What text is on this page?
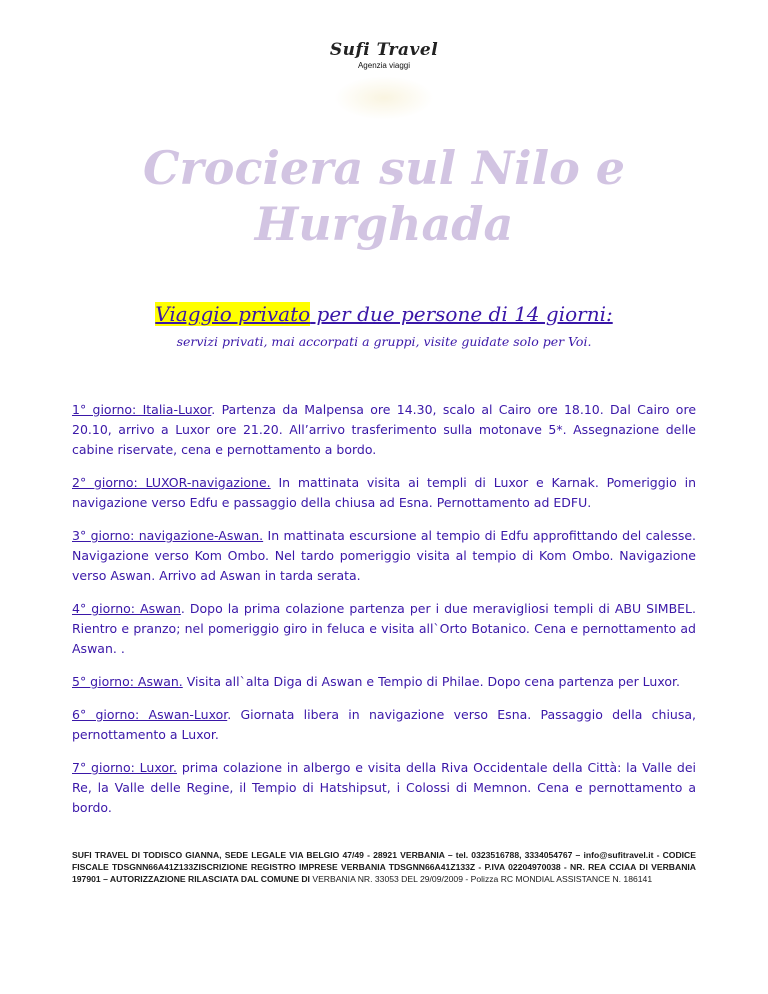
Sufi Travel
Agenzia viaggi
Crociera sul Nilo e
Hurghada
Viaggio privato per due persone di 14 giorni:
servizi privati, mai accorpati a gruppi, visite guidate solo per Voi.

1° giorno: Italia-Luxor. Partenza da Malpensa ore 14.30, scalo al Cairo ore 18.10. Dal Cairo ore 20.10, arrivo a Luxor ore 21.20. All’arrivo trasferimento sulla motonave 5*. Assegnazione delle cabine riservate, cena e pernottamento a bordo.

2° giorno: LUXOR-navigazione. In mattinata visita ai templi di Luxor e Karnak. Pomeriggio in navigazione verso Edfu e passaggio della chiusa ad Esna. Pernottamento ad EDFU.

3° giorno: navigazione-Aswan. In mattinata escursione al tempio di Edfu approfittando del calesse. Navigazione verso Kom Ombo. Nel tardo pomeriggio visita al tempio di Kom Ombo. Navigazione verso Aswan. Arrivo ad Aswan in tarda serata.

4° giorno: Aswan. Dopo la prima colazione partenza per i due meravigliosi templi di ABU SIMBEL. Rientro e pranzo; nel pomeriggio giro in feluca e visita all`Orto Botanico. Cena e pernottamento ad Aswan. .

5° giorno: Aswan. Visita all`alta Diga di Aswan e Tempio di Philae. Dopo cena partenza per Luxor.

6° giorno: Aswan-Luxor. Giornata libera in navigazione verso Esna. Passaggio della chiusa, pernottamento a Luxor.

7° giorno: Luxor. prima colazione in albergo e visita della Riva Occidentale della Città: la Valle dei Re, la Valle delle Regine, il Tempio di Hatshipsut, i Colossi di Memnon. Cena e pernottamento a bordo.

SUFI TRAVEL DI TODISCO GIANNA, SEDE LEGALE VIA BELGIO 47/49 - 28921 VERBANIA – tel. 0323516788, 3334054767 – info@sufitravel.it - CODICE FISCALE TDSGNN66A41Z133ZISCRIZIONE REGISTRO IMPRESE VERBANIA TDSGNN66A41Z133Z - P.IVA 02204970038 - NR. REA CCIAA DI VERBANIA 197901 – AUTORIZZAZIONE RILASCIATA DAL COMUNE DI VERBANIA NR. 33053 DEL 29/09/2009 - Polizza RC MONDIAL ASSISTANCE N. 186141
